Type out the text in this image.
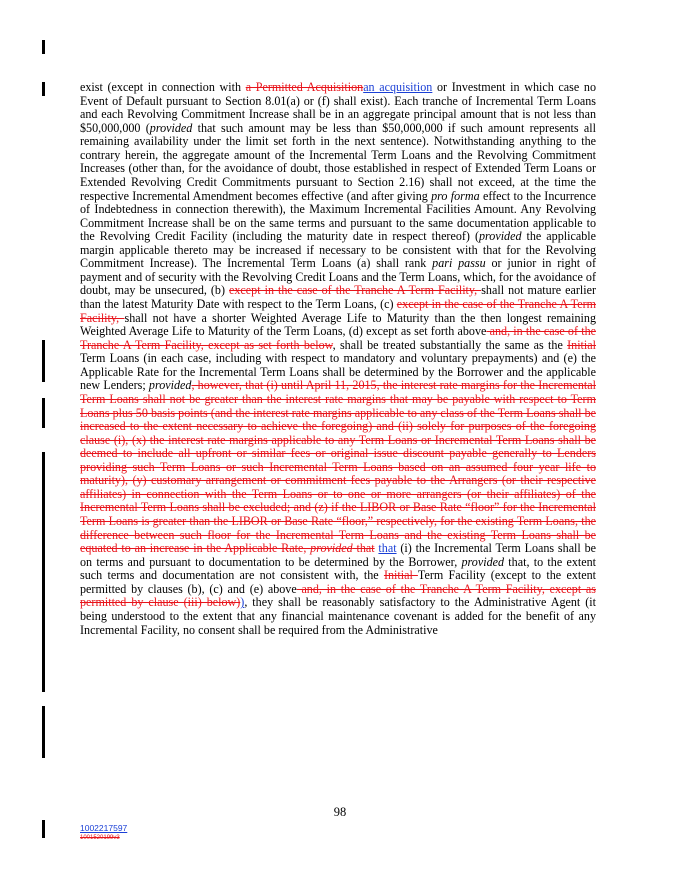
exist (except in connection with a Permitted Acquisitionan acquisition or Investment in which case no Event of Default pursuant to Section 8.01(a) or (f) shall exist). Each tranche of Incremental Term Loans and each Revolving Commitment Increase shall be in an aggregate principal amount that is not less than $50,000,000 (provided that such amount may be less than $50,000,000 if such amount represents all remaining availability under the limit set forth in the next sentence). Notwithstanding anything to the contrary herein, the aggregate amount of the Incremental Term Loans and the Revolving Commitment Increases (other than, for the avoidance of doubt, those established in respect of Extended Term Loans or Extended Revolving Credit Commitments pursuant to Section 2.16) shall not exceed, at the time the respective Incremental Amendment becomes effective (and after giving pro forma effect to the Incurrence of Indebtedness in connection therewith), the Maximum Incremental Facilities Amount. Any Revolving Commitment Increase shall be on the same terms and pursuant to the same documentation applicable to the Revolving Credit Facility (including the maturity date in respect thereof) (provided the applicable margin applicable thereto may be increased if necessary to be consistent with that for the Revolving Commitment Increase). The Incremental Term Loans (a) shall rank pari passu or junior in right of payment and of security with the Revolving Credit Loans and the Term Loans, which, for the avoidance of doubt, may be unsecured, (b) except in the case of the Tranche A Term Facility, shall not mature earlier than the latest Maturity Date with respect to the Term Loans, (c) except in the case of the Tranche A Term Facility, shall not have a shorter Weighted Average Life to Maturity than the then longest remaining Weighted Average Life to Maturity of the Term Loans, (d) except as set forth above and, in the case of the Tranche A Term Facility, except as set forth below, shall be treated substantially the same as the Initial Term Loans (in each case, including with respect to mandatory and voluntary prepayments) and (e) the Applicable Rate for the Incremental Term Loans shall be determined by the Borrower and the applicable new Lenders; provided, however, that (i) until April 11, 2015, the interest rate margins for the Incremental Term Loans shall not be greater than the interest rate margins that may be payable with respect to Term Loans plus 50 basis points (and the interest rate margins applicable to any class of the Term Loans shall be increased to the extent necessary to achieve the foregoing) and (ii) solely for purposes of the foregoing clause (i), (x) the interest rate margins applicable to any Term Loans or Incremental Term Loans shall be deemed to include all upfront or similar fees or original issue discount payable generally to Lenders providing such Term Loans or such Incremental Term Loans based on an assumed four year life to maturity), (y) customary arrangement or commitment fees payable to the Arrangers (or their respective affiliates) in connection with the Term Loans or to one or more arrangers (or their affiliates) of the Incremental Term Loans shall be excluded; and (z) if the LIBOR or Base Rate “floor” for the Incremental Term Loans is greater than the LIBOR or Base Rate “floor,” respectively, for the existing Term Loans, the difference between such floor for the Incremental Term Loans and the existing Term Loans shall be equated to an increase in the Applicable Rate, provided that that (i) the Incremental Term Loans shall be on terms and pursuant to documentation to be determined by the Borrower, provided that, to the extent such terms and documentation are not consistent with, the Initial Term Facility (except to the extent permitted by clauses (b), (c) and (e) above and, in the case of the Tranche A Term Facility, except as permitted by clause (iii) below)), they shall be reasonably satisfactory to the Administrative Agent (it being understood to the extent that any financial maintenance covenant is added for the benefit of any Incremental Facility, no consent shall be required from the Administrative

98
1002217597
1001520199v3
